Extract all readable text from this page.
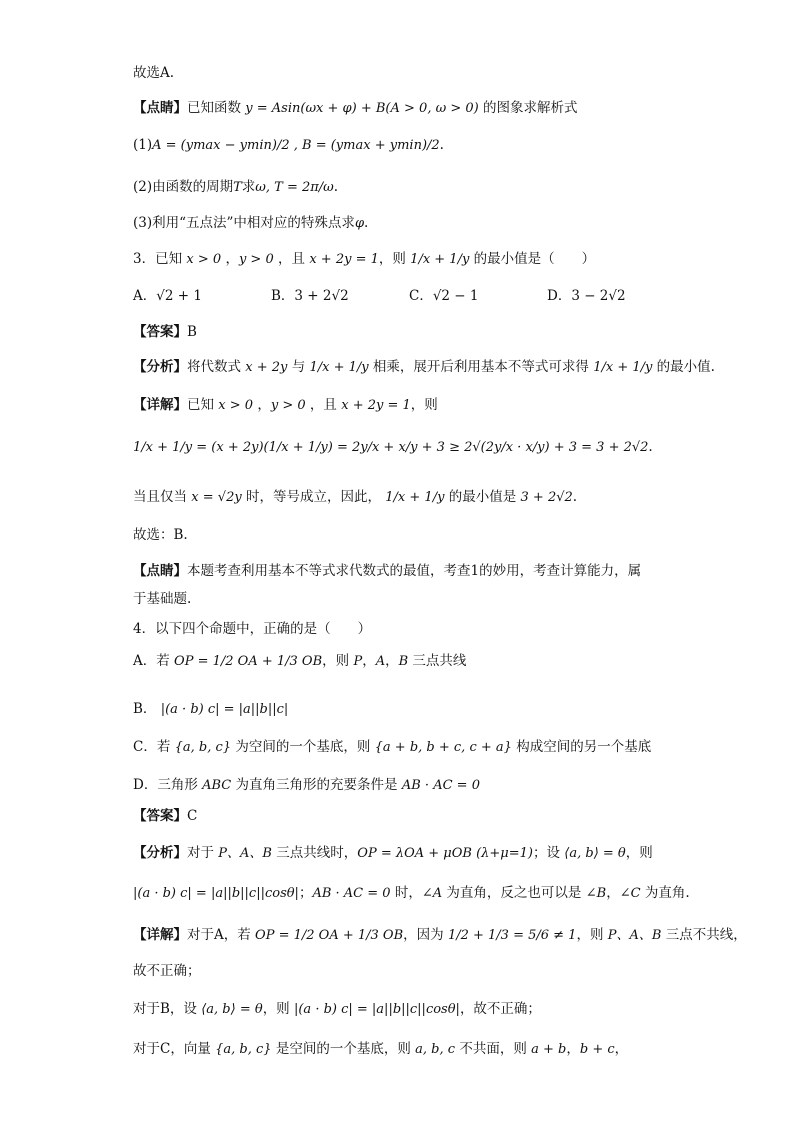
故选A.
【点睛】已知函数 y = Asin(ωx + φ) + B(A > 0, ω > 0) 的图象求解析式
(1)A = (ymax − ymin)/2 , B = (ymax + ymin)/2.
(2)由函数的周期T求ω, T = 2π/ω.
(3)利用“五点法”中相对应的特殊点求φ.
3．已知 x > 0 ，y > 0 ，且 x + 2y = 1，则 1/x + 1/y 的最小值是（　　）
【答案】B
【分析】将代数式 x + 2y 与 1/x + 1/y 相乘，展开后利用基本不等式可求得 1/x + 1/y 的最小值.
【详解】已知 x > 0 ，y > 0 ，且 x + 2y = 1，则
1/x + 1/y = (x + 2y)(1/x + 1/y) = 2y/x + x/y + 3 ≥ 2√(2y/x · x/y) + 3 = 3 + 2√2.
当且仅当 x = √2y 时，等号成立，因此， 1/x + 1/y 的最小值是 3 + 2√2.
故选：B.
【点睛】本题考查利用基本不等式求代数式的最值，考查1的妙用，考查计算能力，属
于基础题.
4．以下四个命题中，正确的是（　　）
A．若 OP = 1/2 OA + 1/3 OB，则 P，A，B 三点共线
B． |(a · b) c| = |a||b||c|
C．若 {a, b, c} 为空间的一个基底，则 {a + b, b + c, c + a} 构成空间的另一个基底
D．三角形 ABC 为直角三角形的充要条件是 AB · AC = 0
【答案】C
【分析】对于 P、A、B 三点共线时，OP = λOA + μOB (λ+μ=1)；设 ⟨a, b⟩ = θ，则
|(a · b) c| = |a||b||c||cosθ|；AB · AC = 0 时，∠A 为直角，反之也可以是 ∠B，∠C 为直角.
【详解】对于A，若 OP = 1/2 OA + 1/3 OB，因为 1/2 + 1/3 = 5/6 ≠ 1，则 P、A、B 三点不共线，
故不正确；
对于B，设 ⟨a, b⟩ = θ，则 |(a · b) c| = |a||b||c||cosθ|，故不正确；
对于C，向量 {a, b, c} 是空间的一个基底，则 a, b, c 不共面，则 a + b，b + c，
A．√2 + 1	B．3 + 2√2	C．√2 − 1	D．3 − 2√2
